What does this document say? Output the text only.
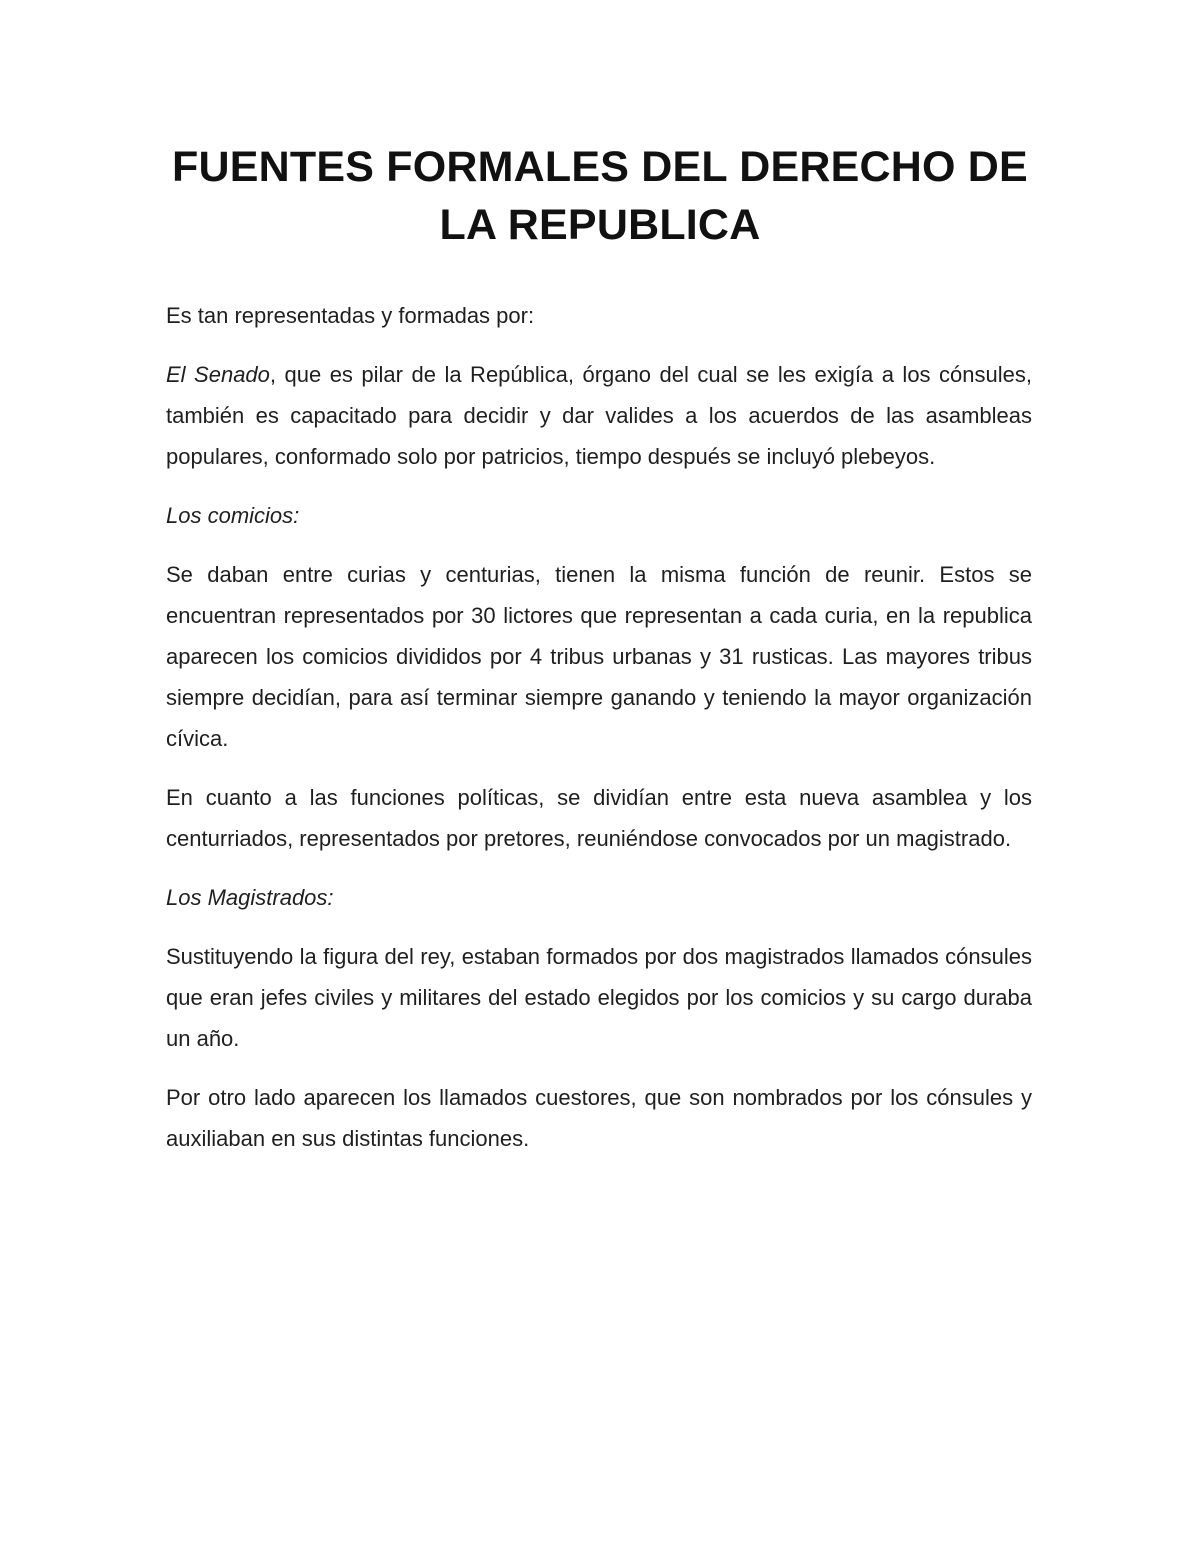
FUENTES FORMALES DEL DERECHO DE
LA REPUBLICA

Es tan representadas y formadas por:

El Senado, que es pilar de la República, órgano del cual se les exigía a los cónsules, también es capacitado para decidir y dar valides a los acuerdos de las asambleas populares, conformado solo por patricios, tiempo después se incluyó plebeyos.

Los comicios:

Se daban entre curias y centurias, tienen la misma función de reunir. Estos se encuentran representados por 30 lictores que representan a cada curia, en la republica aparecen los comicios divididos por 4 tribus urbanas y 31 rusticas. Las mayores tribus siempre decidían, para así terminar siempre ganando y teniendo la mayor organización cívica.

En cuanto a las funciones políticas, se dividían entre esta nueva asamblea y los centurriados, representados por pretores, reuniéndose convocados por un magistrado.

Los Magistrados:

Sustituyendo la figura del rey, estaban formados por dos magistrados llamados cónsules que eran jefes civiles y militares del estado elegidos por los comicios y su cargo duraba un año.

Por otro lado aparecen los llamados cuestores, que son nombrados por los cónsules y auxiliaban en sus distintas funciones.
